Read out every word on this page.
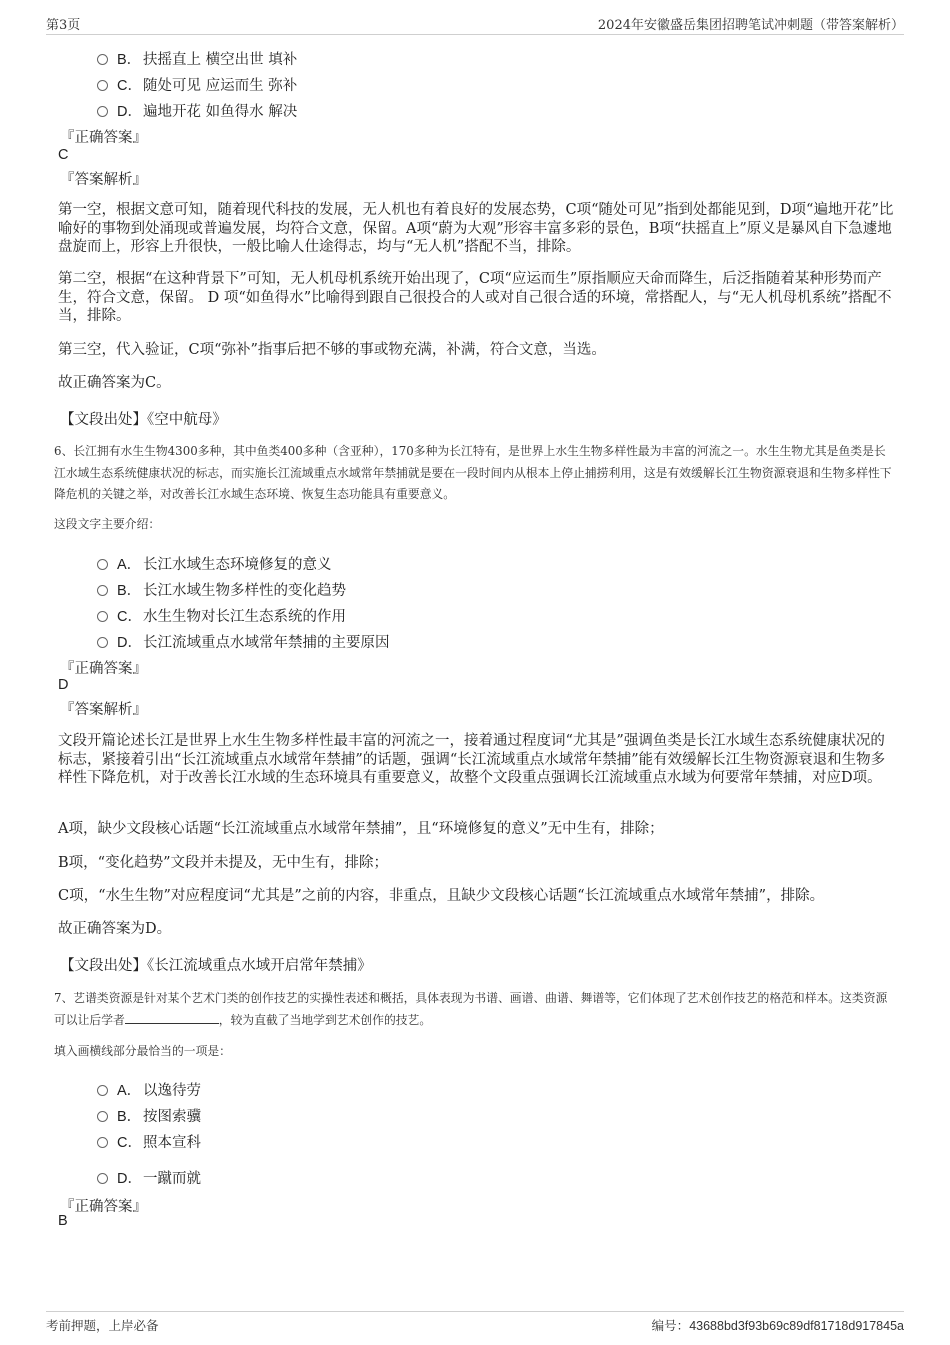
第3页	2024年安徽盛岳集团招聘笔试冲刺题（带答案解析）
B． 扶摇直上 横空出世 填补
C．随处可见 应运而生 弥补
D．遍地开花 如鱼得水 解决
『正确答案』
C
『答案解析』
第一空，根据文意可知，随着现代科技的发展，无人机也有着良好的发展态势，C项“随处可见”指到处都能见到，D项“遍地开花”比喻好的事物到处涌现或普遍发展，均符合文意，保留。A项“蔚为大观”形容丰富多彩的景色，B项“扶摇直上”原义是暴风自下急遽地盘旋而上，形容上升很快，一般比喻人仕途得志，均与“无人机”搭配不当，排除。
第二空，根据“在这种背景下”可知，无人机母机系统开始出现了，C项“应运而生”原指顺应天命而降生，后泛指随着某种形势而产生，符合文意，保留。 D 项“如鱼得水”比喻得到跟自己很投合的人或对自己很合适的环境，常搭配人，与“无人机母机系统”搭配不当，排除。
第三空，代入验证，C项“弥补”指事后把不够的事或物充满，补满，符合文意，当选。
故正确答案为C。
【文段出处】《空中航母》
6、长江拥有水生生物4300多种，其中鱼类400多种（含亚种），170多种为长江特有，是世界上水生生物多样性最为丰富的河流之一。水生生物尤其是鱼类是长江水域生态系统健康状况的标志，而实施长江流域重点水域常年禁捕就是要在一段时间内从根本上停止捕捞利用，这是有效缓解长江生物资源衰退和生物多样性下降危机的关键之举，对改善长江水域生态环境、恢复生态功能具有重要意义。
这段文字主要介绍：
A． 长江水域生态环境修复的意义
B． 长江水域生物多样性的变化趋势
C．水生生物对长江生态系统的作用
D．长江流域重点水域常年禁捕的主要原因
『正确答案』
D
『答案解析』
文段开篇论述长江是世界上水生生物多样性最丰富的河流之一，接着通过程度词“尤其是”强调鱼类是长江水域生态系统健康状况的标志，紧接着引出“长江流域重点水域常年禁捕”的话题，强调“长江流域重点水域常年禁捕”能有效缓解长江生物资源衰退和生物多样性下降危机，对于改善长江水域的生态环境具有重要意义，故整个文段重点强调长江流域重点水域为何要常年禁捕，对应D项。
A项，缺少文段核心话题“长江流域重点水域常年禁捕”，且“环境修复的意义”无中生有，排除；
B项，“变化趋势”文段并未提及，无中生有，排除；
C项，“水生生物”对应程度词“尤其是”之前的内容，非重点，且缺少文段核心话题“长江流域重点水域常年禁捕”，排除。
故正确答案为D。
【文段出处】《长江流域重点水域开启常年禁捕》
7、艺谱类资源是针对某个艺术门类的创作技艺的实操性表述和概括，具体表现为书谱、画谱、曲谱、舞谱等，它们体现了艺术创作技艺的格范和样本。这类资源可以让后学者	，较为直截了当地学到艺术创作的技艺。
填入画横线部分最恰当的一项是：
A． 以逸待劳
B． 按图索骥
C．照本宣科
D．一蹴而就
『正确答案』
B
考前押题，上岸必备	编号：43688bd3f93b69c89df81718d917845a
